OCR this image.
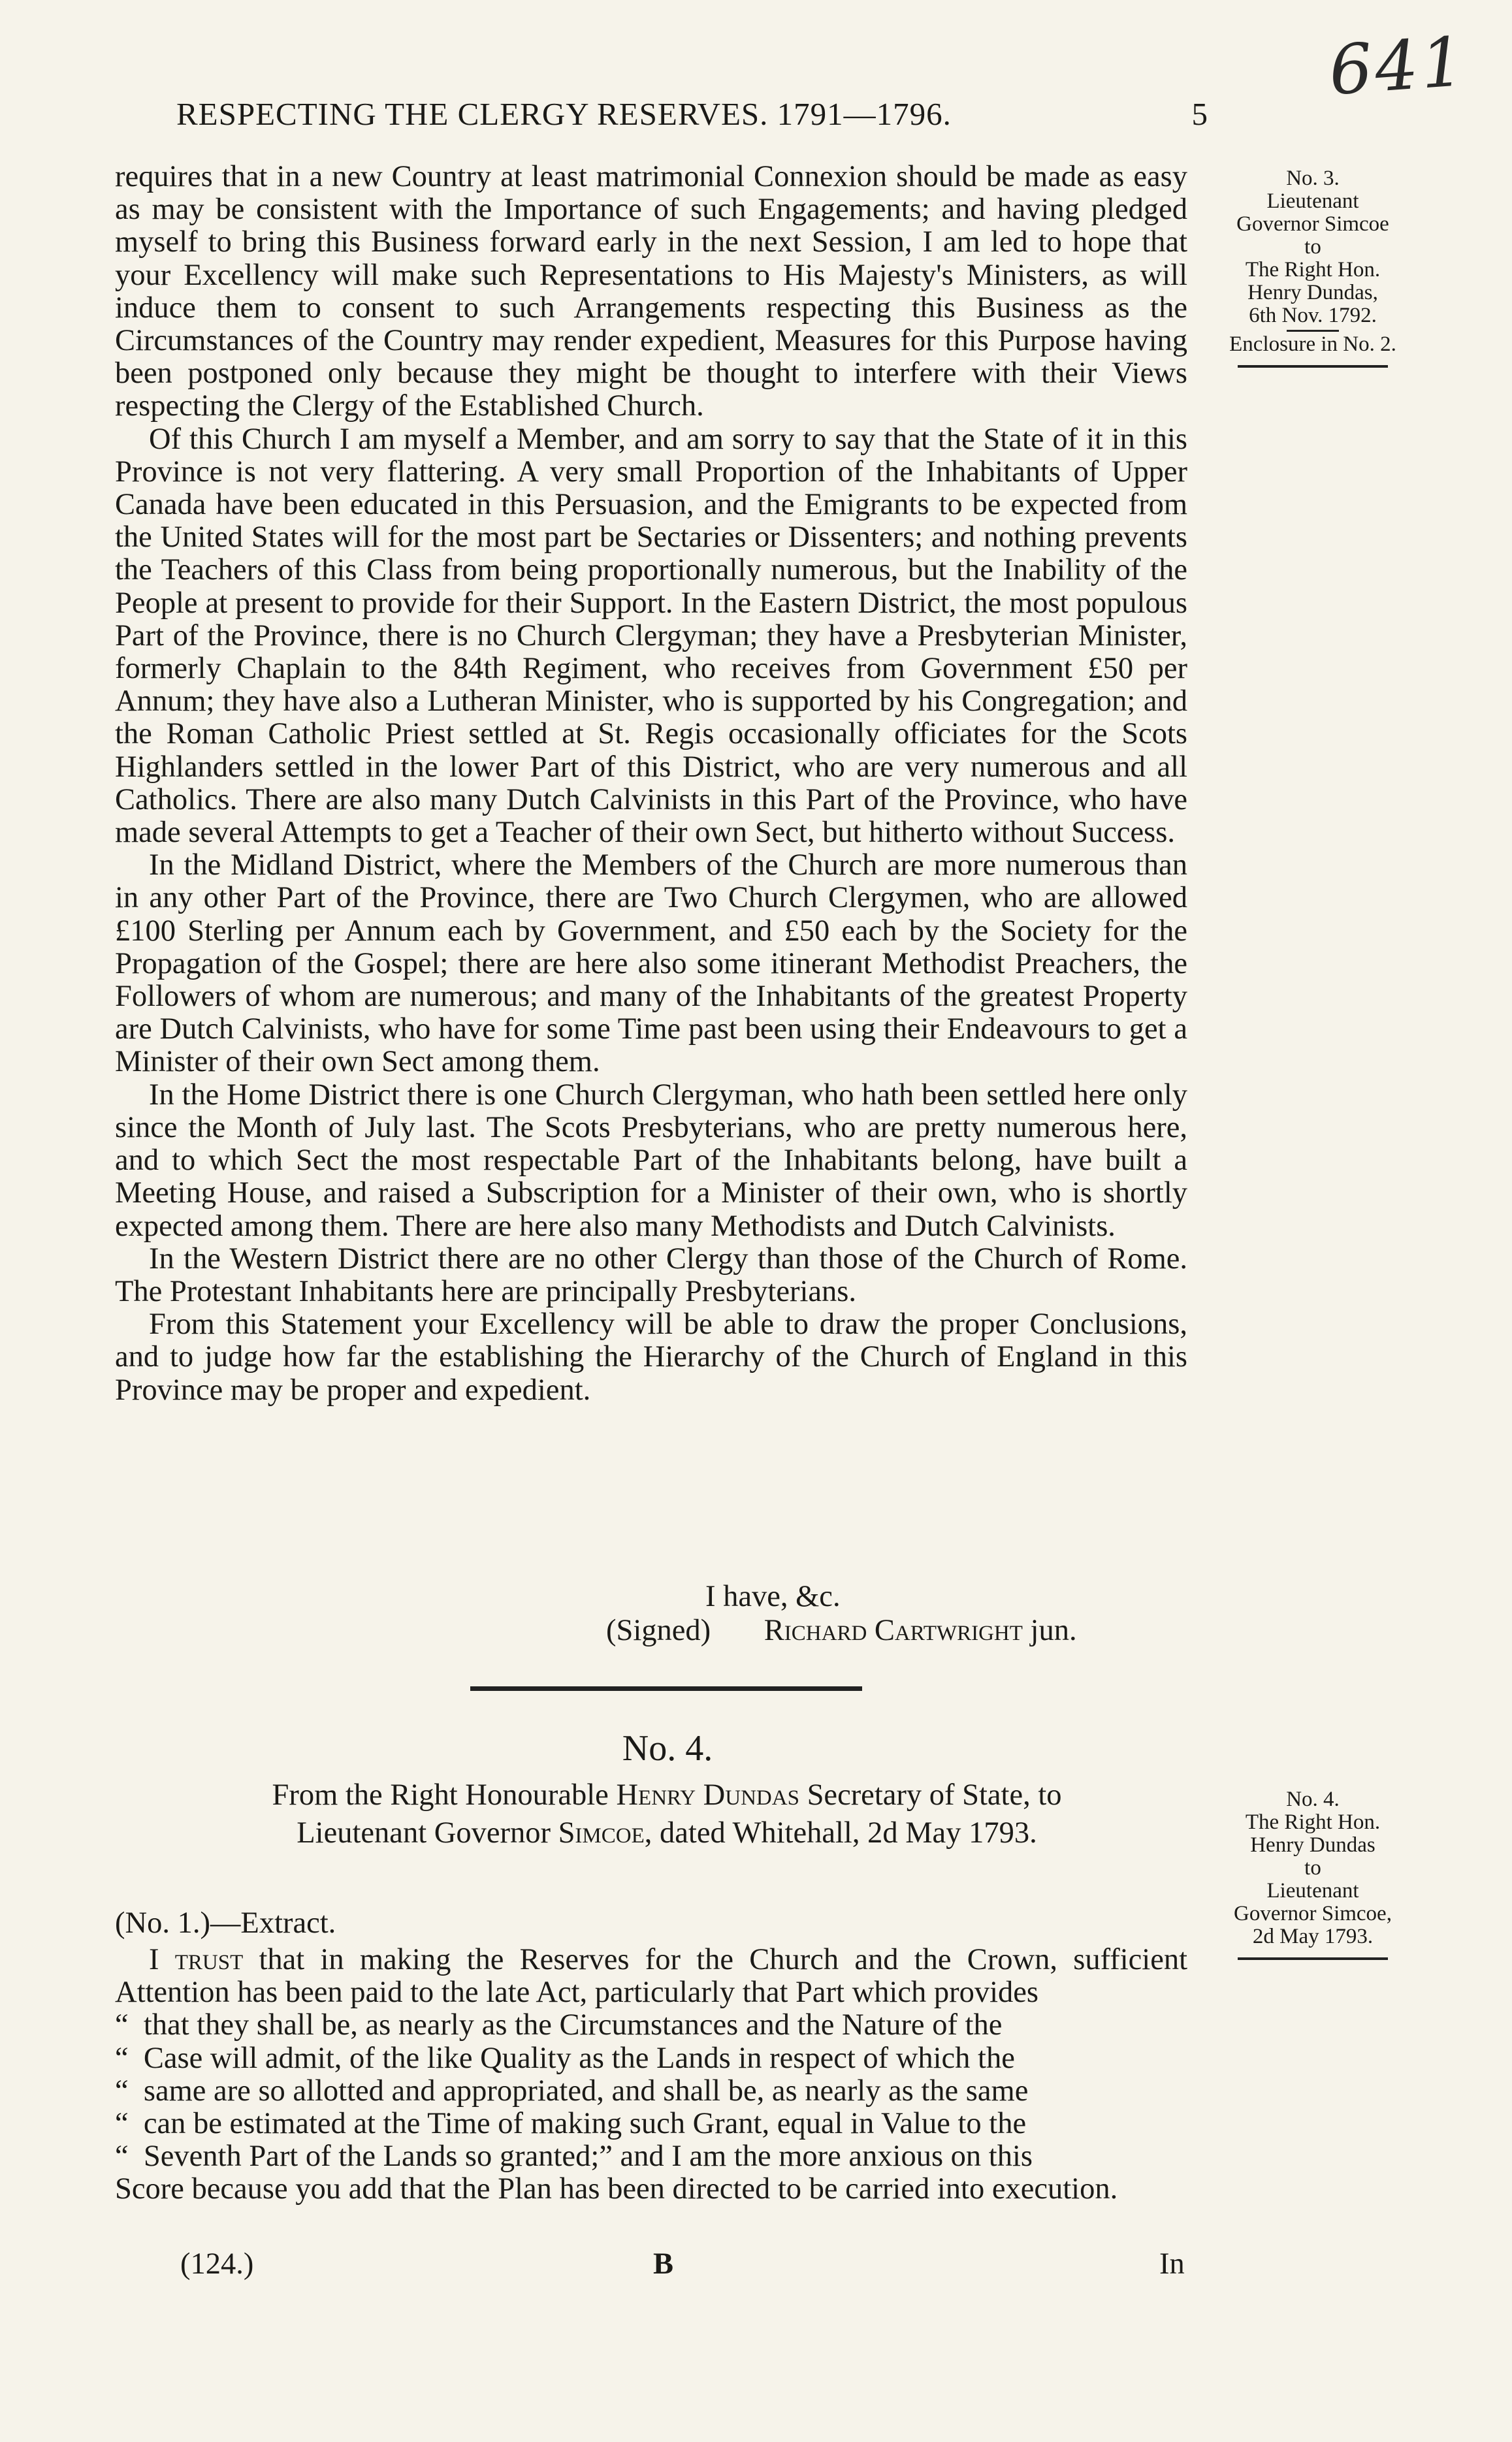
641
RESPECTING THE CLERGY RESERVES. 1791—1796.	5

requires that in a new Country at least matrimonial Connexion should be made as easy as may be consistent with the Importance of such Engagements; and having pledged myself to bring this Business forward early in the next Session, I am led to hope that your Excellency will make such Representations to His Majesty's Ministers, as will induce them to consent to such Arrangements respecting this Business as the Circumstances of the Country may render expedient, Measures for this Purpose having been postponed only because they might be thought to interfere with their Views respecting the Clergy of the Established Church.

Of this Church I am myself a Member, and am sorry to say that the State of it in this Province is not very flattering. A very small Proportion of the Inhabitants of Upper Canada have been educated in this Persuasion, and the Emigrants to be expected from the United States will for the most part be Sectaries or Dissenters; and nothing prevents the Teachers of this Class from being proportionally numerous, but the Inability of the People at present to provide for their Support. In the Eastern District, the most populous Part of the Province, there is no Church Clergyman; they have a Presbyterian Minister, formerly Chaplain to the 84th Regiment, who receives from Government £50 per Annum; they have also a Lutheran Minister, who is supported by his Congregation; and the Roman Catholic Priest settled at St. Regis occasionally officiates for the Scots Highlanders settled in the lower Part of this District, who are very numerous and all Catholics. There are also many Dutch Calvinists in this Part of the Province, who have made several Attempts to get a Teacher of their own Sect, but hitherto without Success.

In the Midland District, where the Members of the Church are more numerous than in any other Part of the Province, there are Two Church Clergymen, who are allowed £100 Sterling per Annum each by Government, and £50 each by the Society for the Propagation of the Gospel; there are here also some itinerant Methodist Preachers, the Followers of whom are numerous; and many of the Inhabitants of the greatest Property are Dutch Calvinists, who have for some Time past been using their Endeavours to get a Minister of their own Sect among them.

In the Home District there is one Church Clergyman, who hath been settled here only since the Month of July last. The Scots Presbyterians, who are pretty numerous here, and to which Sect the most respectable Part of the Inhabitants belong, have built a Meeting House, and raised a Subscription for a Minister of their own, who is shortly expected among them. There are here also many Methodists and Dutch Calvinists.

In the Western District there are no other Clergy than those of the Church of Rome. The Protestant Inhabitants here are principally Presbyterians.

From this Statement your Excellency will be able to draw the proper Conclusions, and to judge how far the establishing the Hierarchy of the Church of England in this Province may be proper and expedient.

I have, &c.
(Signed) Richard Cartwright jun.
No. 4.
From the Right Honourable Henry Dundas Secretary of State, to
Lieutenant Governor Simcoe, dated Whitehall, 2d May 1793.
(No. 1.)—Extract.

I trust that in making the Reserves for the Church and the Crown, sufficient Attention has been paid to the late Act, particularly that Part which provides

“  that they shall be, as nearly as the Circumstances and the Nature of the

“  Case will admit, of the like Quality as the Lands in respect of which the

“  same are so allotted and appropriated, and shall be, as nearly as the same

“  can be estimated at the Time of making such Grant, equal in Value to the

“  Seventh Part of the Lands so granted;” and I am the more anxious on this

Score because you add that the Plan has been directed to be carried into execution.

(124.)	B	In
No. 3.
Lieutenant
Governor Simcoe
to
The Right Hon.
Henry Dundas,
6th Nov. 1792.
Enclosure in No. 2.
No. 4.
The Right Hon.
Henry Dundas
to
Lieutenant
Governor Simcoe,
2d May 1793.
